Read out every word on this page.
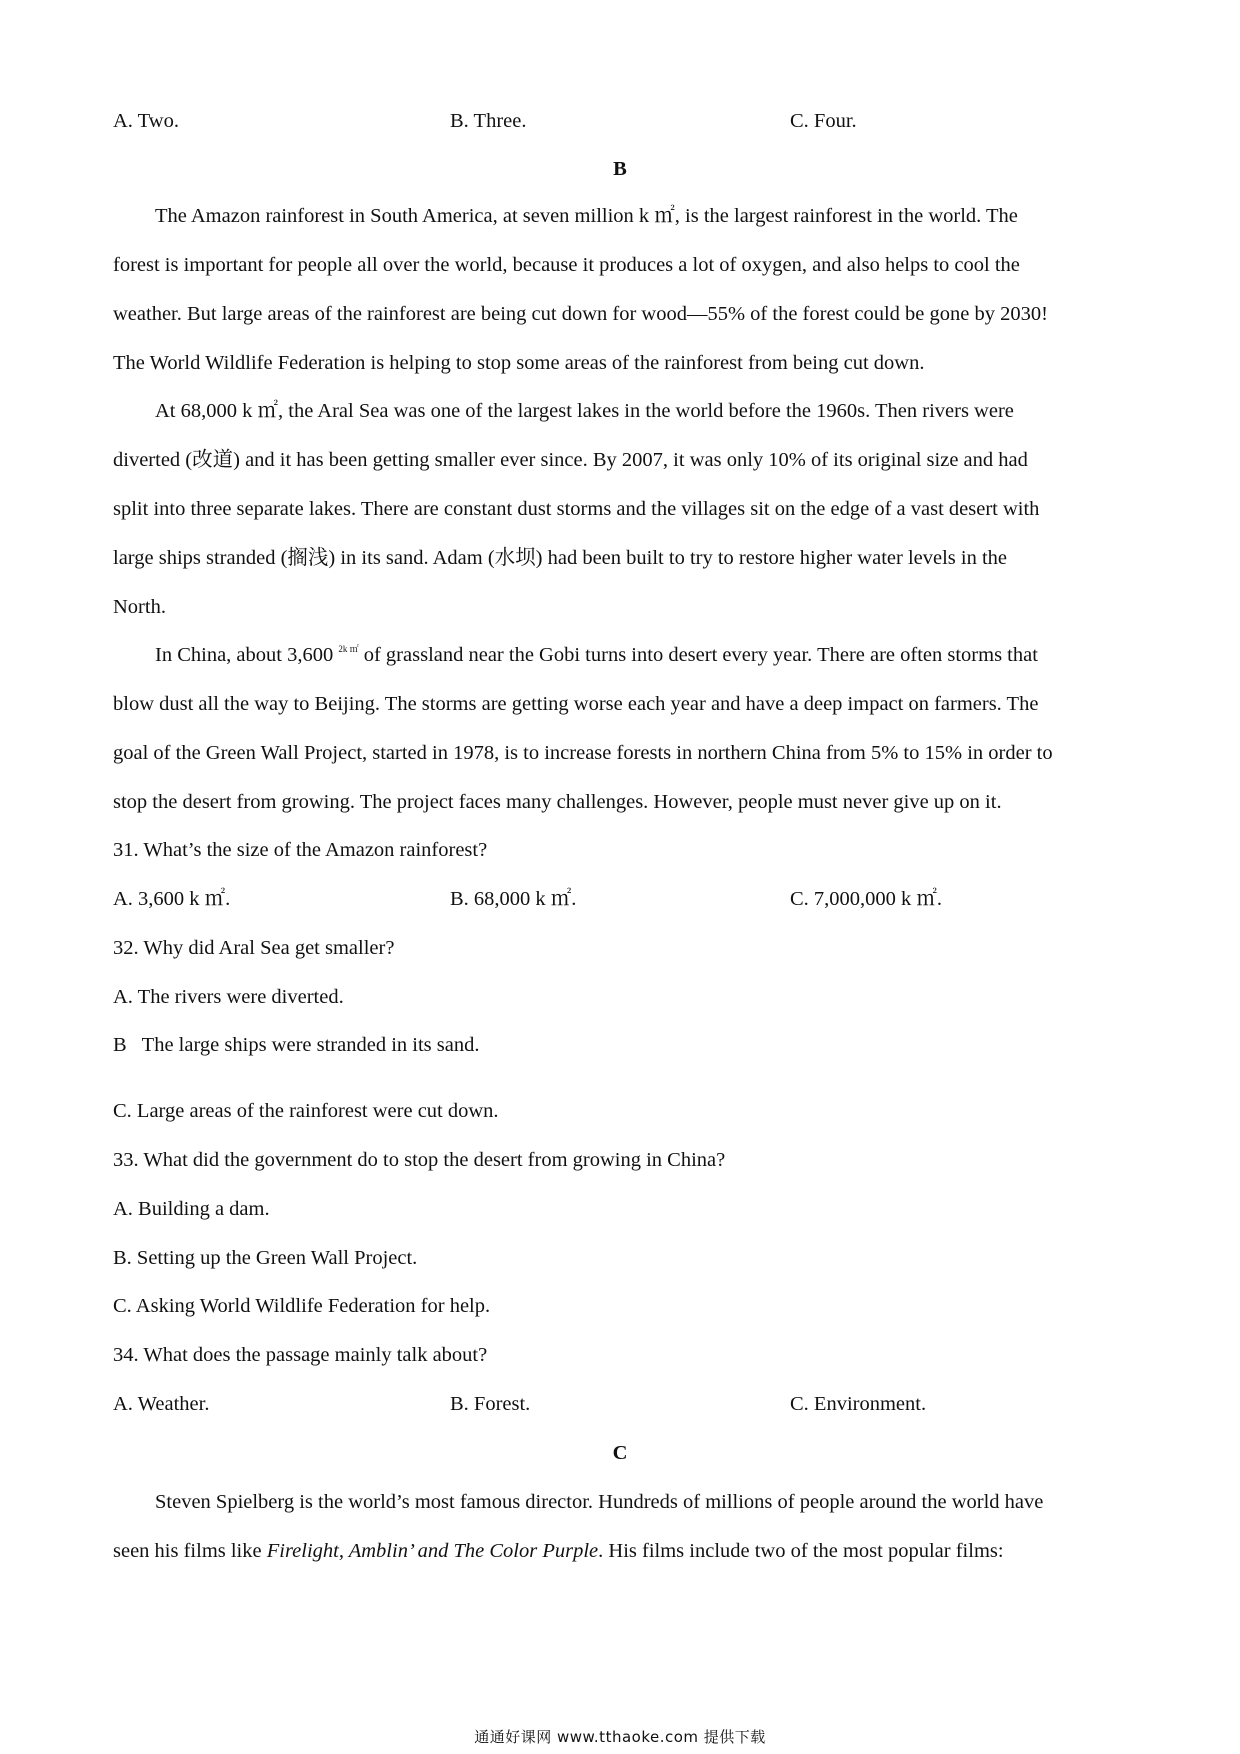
A. Two.	B. Three.	C. Four.
B
The Amazon rainforest in South America, at seven million k ㎡, is the largest rainforest in the world. The
forest is important for people all over the world, because it produces a lot of oxygen, and also helps to cool the
weather. But large areas of the rainforest are being cut down for wood—55% of the forest could be gone by 2030!
The World Wildlife Federation is helping to stop some areas of the rainforest from being cut down.
At 68,000 k ㎡, the Aral Sea was one of the largest lakes in the world before the 1960s. Then rivers were
diverted (改道) and it has been getting smaller ever since. By 2007, it was only 10% of its original size and had
split into three separate lakes. There are constant dust storms and the villages sit on the edge of a vast desert with
large ships stranded (搁浅) in its sand. Adam (水坝) had been built to try to restore higher water levels in the
North.
In China, about 3,600 $^{2k ㎡}$ of grassland near the Gobi turns into desert every year. There are often storms that
blow dust all the way to Beijing. The storms are getting worse each year and have a deep impact on farmers. The
goal of the Green Wall Project, started in 1978, is to increase forests in northern China from 5% to 15% in order to
stop the desert from growing. The project faces many challenges. However, people must never give up on it.
31. What’s the size of the Amazon rainforest?
A. 3,600 k ㎡.	B. 68,000 k ㎡.	C. 7,000,000 k ㎡.
32. Why did Aral Sea get smaller?
A. The rivers were diverted.
B   The large ships were stranded in its sand.
C. Large areas of the rainforest were cut down.
33. What did the government do to stop the desert from growing in China?
A. Building a dam.
B. Setting up the Green Wall Project.
C. Asking World Wildlife Federation for help.
34. What does the passage mainly talk about?
A. Weather.	B. Forest.	C. Environment.
C
Steven Spielberg is the world’s most famous director. Hundreds of millions of people around the world have
seen his films like Firelight, Amblin’ and The Color Purple. His films include two of the most popular films:
通通好课网 www.tthaoke.com 提供下载
